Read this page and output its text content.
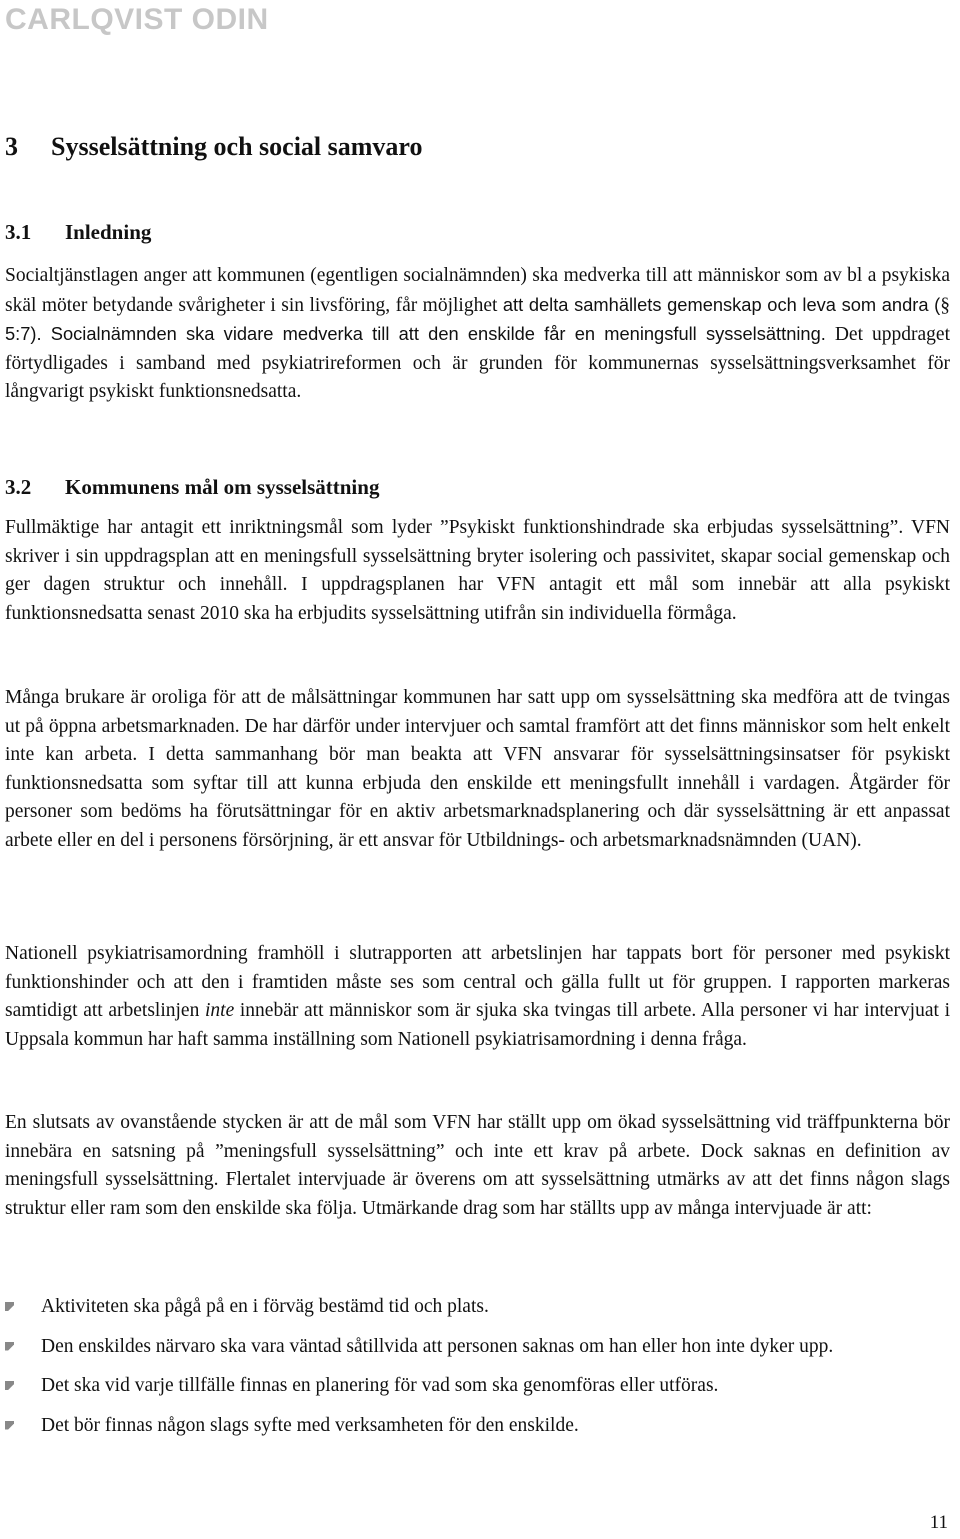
CARLQVIST ODIN
3 Sysselsättning och social samvaro
3.1 Inledning

Socialtjänstlagen anger att kommunen (egentligen socialnämnden) ska medverka till att människor som av bl a psykiska skäl möter betydande svårigheter i sin livsföring, får möjlighet att delta samhällets gemenskap och leva som andra (§ 5:7). Socialnämnden ska vidare medverka till att den enskilde får en meningsfull sysselsättning. Det uppdraget förtydligades i samband med psykiatrireformen och är grunden för kommunernas sysselsättningsverksamhet för långvarigt psykiskt funktionsnedsatta.

3.2 Kommunens mål om sysselsättning

Fullmäktige har antagit ett inriktningsmål som lyder ”Psykiskt funktionshindrade ska erbjudas sysselsättning”. VFN skriver i sin uppdragsplan att en meningsfull sysselsättning bryter isolering och passivitet, skapar social gemenskap och ger dagen struktur och innehåll. I uppdragsplanen har VFN antagit ett mål som innebär att alla psykiskt funktionsnedsatta senast 2010 ska ha erbjudits sysselsättning utifrån sin individuella förmåga.

Många brukare är oroliga för att de målsättningar kommunen har satt upp om sysselsättning ska medföra att de tvingas ut på öppna arbetsmarknaden. De har därför under intervjuer och samtal framfört att det finns människor som helt enkelt inte kan arbeta. I detta sammanhang bör man beakta att VFN ansvarar för sysselsättningsinsatser för psykiskt funktionsnedsatta som syftar till att kunna erbjuda den enskilde ett meningsfullt innehåll i vardagen. Åtgärder för personer som bedöms ha förutsättningar för en aktiv arbetsmarknadsplanering och där sysselsättning är ett anpassat arbete eller en del i personens försörjning, är ett ansvar för Utbildnings- och arbetsmarknadsnämnden (UAN).

Nationell psykiatrisamordning framhöll i slutrapporten att arbetslinjen har tappats bort för personer med psykiskt funktionshinder och att den i framtiden måste ses som central och gälla fullt ut för gruppen. I rapporten markeras samtidigt att arbetslinjen inte innebär att människor som är sjuka ska tvingas till arbete. Alla personer vi har intervjuat i Uppsala kommun har haft samma inställning som Nationell psykiatrisamordning i denna fråga.

En slutsats av ovanstående stycken är att de mål som VFN har ställt upp om ökad sysselsättning vid träffpunkterna bör innebära en satsning på ”meningsfull sysselsättning” och inte ett krav på arbete. Dock saknas en definition av meningsfull sysselsättning. Flertalet intervjuade är överens om att sysselsättning utmärks av att det finns någon slags struktur eller ram som den enskilde ska följa. Utmärkande drag som har ställts upp av många intervjuade är att:

Aktiviteten ska pågå på en i förväg bestämd tid och plats.
Den enskildes närvaro ska vara väntad såtillvida att personen saknas om han eller hon inte dyker upp.
Det ska vid varje tillfälle finnas en planering för vad som ska genomföras eller utföras.
Det bör finnas någon slags syfte med verksamheten för den enskilde.
11
